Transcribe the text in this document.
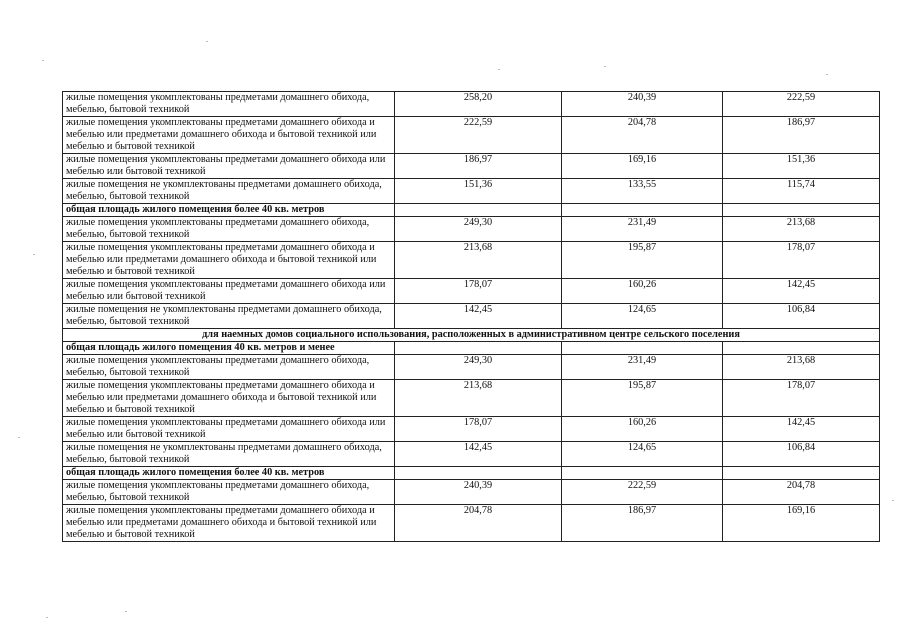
жилые помещения укомплектованы предметами домашнего обихода, мебелью, бытовой техникой	258,20	240,39	222,59
жилые помещения укомплектованы предметами домашнего обихода и мебелью или предметами домашнего обихода и бытовой техникой или мебелью и бытовой техникой	222,59	204,78	186,97
жилые помещения укомплектованы предметами домашнего обихода или мебелью или бытовой техникой	186,97	169,16	151,36
жилые помещения не укомплектованы предметами домашнего обихода, мебелью, бытовой техникой	151,36	133,55	115,74
общая площадь жилого помещения более 40 кв. метров			
жилые помещения укомплектованы предметами домашнего обихода, мебелью, бытовой техникой	249,30	231,49	213,68
жилые помещения укомплектованы предметами домашнего обихода и мебелью или предметами домашнего обихода и бытовой техникой или мебелью и бытовой техникой	213,68	195,87	178,07
жилые помещения укомплектованы предметами домашнего обихода или мебелью или бытовой техникой	178,07	160,26	142,45
жилые помещения не укомплектованы предметами домашнего обихода, мебелью, бытовой техникой	142,45	124,65	106,84
для наемных домов социального использования, расположенных в административном центре сельского поселения			
общая площадь жилого помещения 40 кв. метров и менее			
жилые помещения укомплектованы предметами домашнего обихода, мебелью, бытовой техникой	249,30	231,49	213,68
жилые помещения укомплектованы предметами домашнего обихода и мебелью или предметами домашнего обихода и бытовой техникой или мебелью и бытовой техникой	213,68	195,87	178,07
жилые помещения укомплектованы предметами домашнего обихода или мебелью или бытовой техникой	178,07	160,26	142,45
жилые помещения не укомплектованы предметами домашнего обихода, мебелью, бытовой техникой	142,45	124,65	106,84
общая площадь жилого помещения более 40 кв. метров			
жилые помещения укомплектованы предметами домашнего обихода, мебелью, бытовой техникой	240,39	222,59	204,78
жилые помещения укомплектованы предметами домашнего обихода и мебелью или предметами домашнего обихода и бытовой техникой или мебелью и бытовой техникой	204,78	186,97	169,16
